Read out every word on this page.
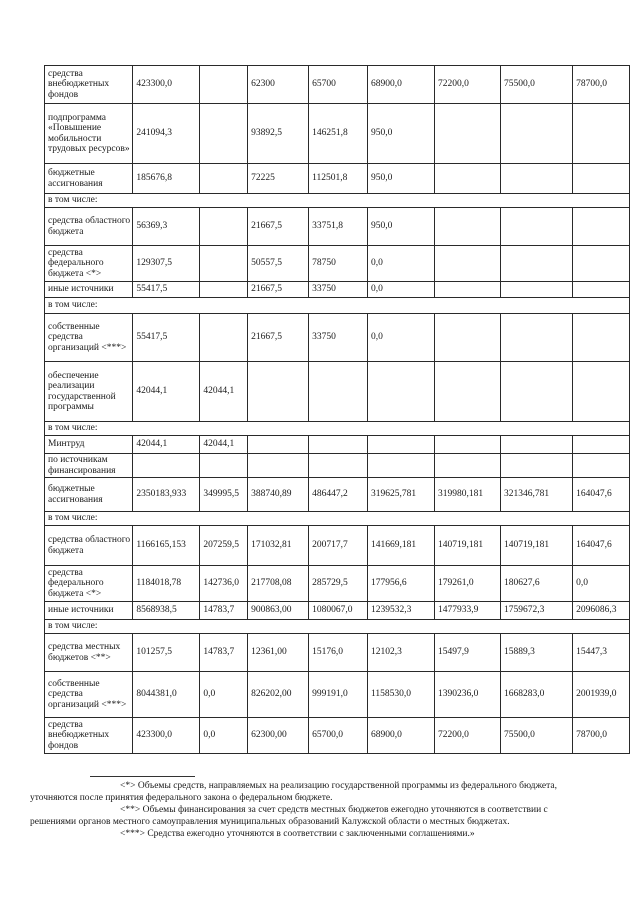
средства внебюджетных фондов	423300,0		62300	65700	68900,0	72200,0	75500,0	78700,0
подпрограмма «Повышение мобильности трудовых ресурсов»	241094,3		93892,5	146251,8	950,0			
бюджетные ассигнования	185676,8		72225	112501,8	950,0			
в том числе:								
средства областного бюджета	56369,3		21667,5	33751,8	950,0			
средства федерального бюджета <*>	129307,5		50557,5	78750	0,0			
иные источники	55417,5		21667,5	33750	0,0			
в том числе:								
собственные средства организаций <***>	55417,5		21667,5	33750	0,0			
обеспечение реализации государственной программы	42044,1	42044,1						
в том числе:								
Минтруд	42044,1	42044,1						
по источникам финансирования								
бюджетные ассигнования	2350183,933	349995,5	388740,89	486447,2	319625,781	319980,181	321346,781	164047,6
в том числе:								
средства областного бюджета	1166165,153	207259,5	171032,81	200717,7	141669,181	140719,181	140719,181	164047,6
средства федерального бюджета <*>	1184018,78	142736,0	217708,08	285729,5	177956,6	179261,0	180627,6	0,0
иные источники	8568938,5	14783,7	900863,00	1080067,0	1239532,3	1477933,9	1759672,3	2096086,3
в том числе:								
средства местных бюджетов <**>	101257,5	14783,7	12361,00	15176,0	12102,3	15497,9	15889,3	15447,3
собственные средства организаций <***>	8044381,0	0,0	826202,00	999191,0	1158530,0	1390236,0	1668283,0	2001939,0
средства внебюджетных фондов	423300,0	0,0	62300,00	65700,0	68900,0	72200,0	75500,0	78700,0

<*> Объемы средств, направляемых на реализацию государственной программы из федерального бюджета,

уточняются после принятия федерального закона о федеральном бюджете.

<**> Объемы финансирования за счет средств местных бюджетов ежегодно уточняются в соответствии с

решениями органов местного самоуправления муниципальных образований Калужской области о местных бюджетах.

<***> Средства ежегодно уточняются в соответствии с заключенными соглашениями.»
